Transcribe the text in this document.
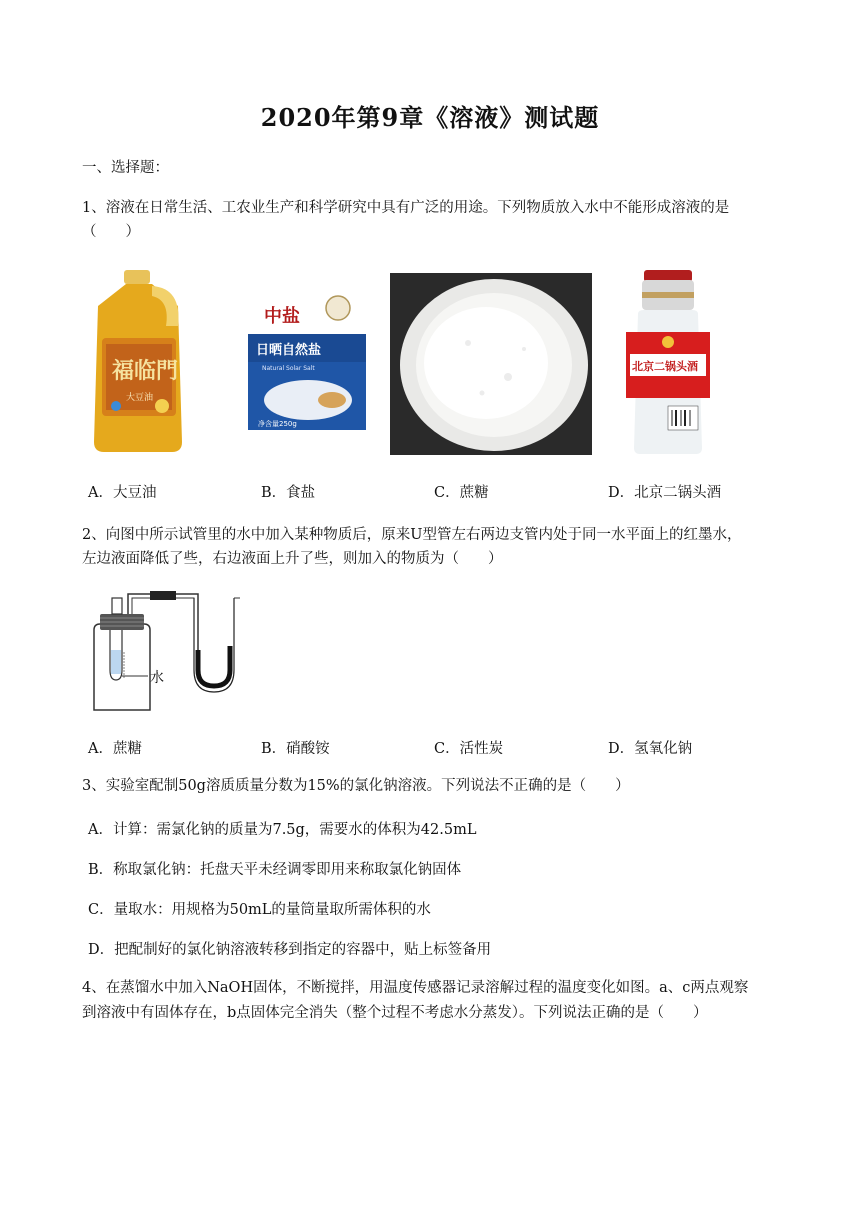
2020年第9章《溶液》测试题
一、选择题：
1、溶液在日常生活、工农业生产和科学研究中具有广泛的用途。下列物质放入水中不能形成溶液的是
（　　）
福临門
大豆油
中盐
日晒自然盐
Natural Solar Salt
净含量250g
北京二锅头酒
A．大豆油	B．食盐	C．蔗糖	D．北京二锅头酒
2、向图中所示试管里的水中加入某种物质后，原来U型管左右两边支管内处于同一水平面上的红墨水，
左边液面降低了些，右边液面上升了些，则加入的物质为（　　）
水
A．蔗糖	B．硝酸铵	C．活性炭	D．氢氧化钠
3、实验室配制50g溶质质量分数为15%的氯化钠溶液。下列说法不正确的是（　　）
A．计算：需氯化钠的质量为7.5g，需要水的体积为42.5mL
B．称取氯化钠：托盘天平未经调零即用来称取氯化钠固体
C．量取水：用规格为50mL的量筒量取所需体积的水
D．把配制好的氯化钠溶液转移到指定的容器中，贴上标签备用
4、在蒸馏水中加入NaOH固体，不断搅拌，用温度传感器记录溶解过程的温度变化如图。a、c两点观察
到溶液中有固体存在，b点固体完全消失（整个过程不考虑水分蒸发）。下列说法正确的是（　　）
